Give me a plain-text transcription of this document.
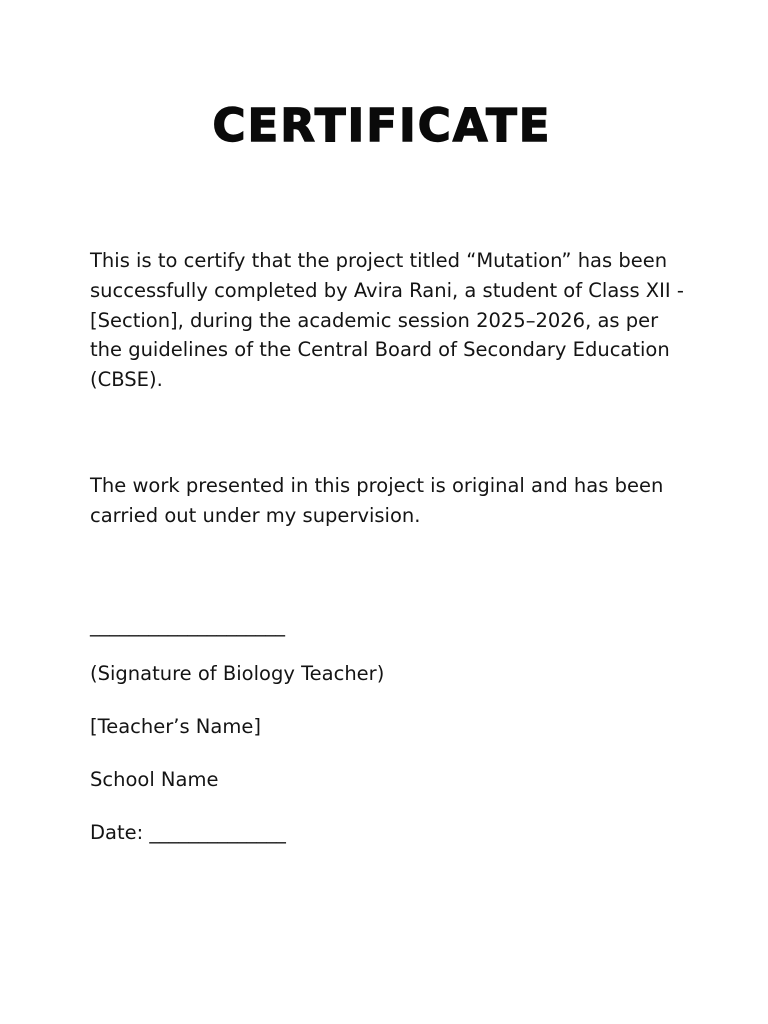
CERTIFICATE

This is to certify that the project titled “Mutation” has been successfully completed by Avira Rani, a student of Class XII - [Section], during the academic session 2025–2026, as per the guidelines of the Central Board of Secondary Education (CBSE).

The work presented in this project is original and has been carried out under my supervision.

____________________
(Signature of Biology Teacher)
[Teacher’s Name]
School Name
Date: ______________
